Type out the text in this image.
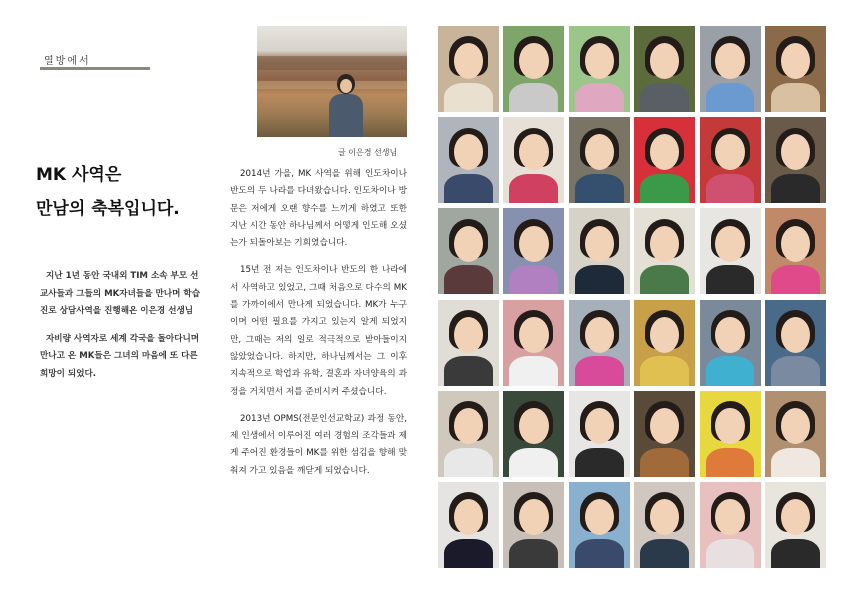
열방에서
MK 사역은
만남의 축복입니다.

지난 1년 동안 국내외 TIM 소속 부모 선교사들과 그들의 MK자녀들을 만나며 학습진로 상담사역을 진행해온 이은경 선생님

자비량 사역자로 세계 각국을 돌아다니며 만나고 온 MK들은 그녀의 마음에 또 다른 희망이 되었다.

글 이은경 선생님

2014년 가을, MK 사역을 위해 인도차이나 반도의 두 나라를 다녀왔습니다. 인도차이나 방문은 저에게 오랜 향수를 느끼게 하였고 또한 지난 시간 동안 하나님께서 어떻게 인도해 오셨는가 되돌아보는 기회였습니다.

15년 전 저는 인도차이나 반도의 한 나라에서 사역하고 있었고, 그때 처음으로 다수의 MK를 가까이에서 만나게 되었습니다. MK가 누구이며 어떤 필요를 가지고 있는지 알게 되었지만, 그때는 저의 일로 적극적으로 받아들이지 않았었습니다. 하지만, 하나님께서는 그 이후 지속적으로 학업과 유학, 결혼과 자녀양육의 과정을 거치면서 저를 준비시켜 주셨습니다.

2013년 OPMS(전문인선교학교) 과정 동안, 제 인생에서 이루어진 여러 경험의 조각들과 제게 주어진 환경들이 MK를 위한 섬김을 향해 맞춰져 가고 있음을 깨닫게 되었습니다.
